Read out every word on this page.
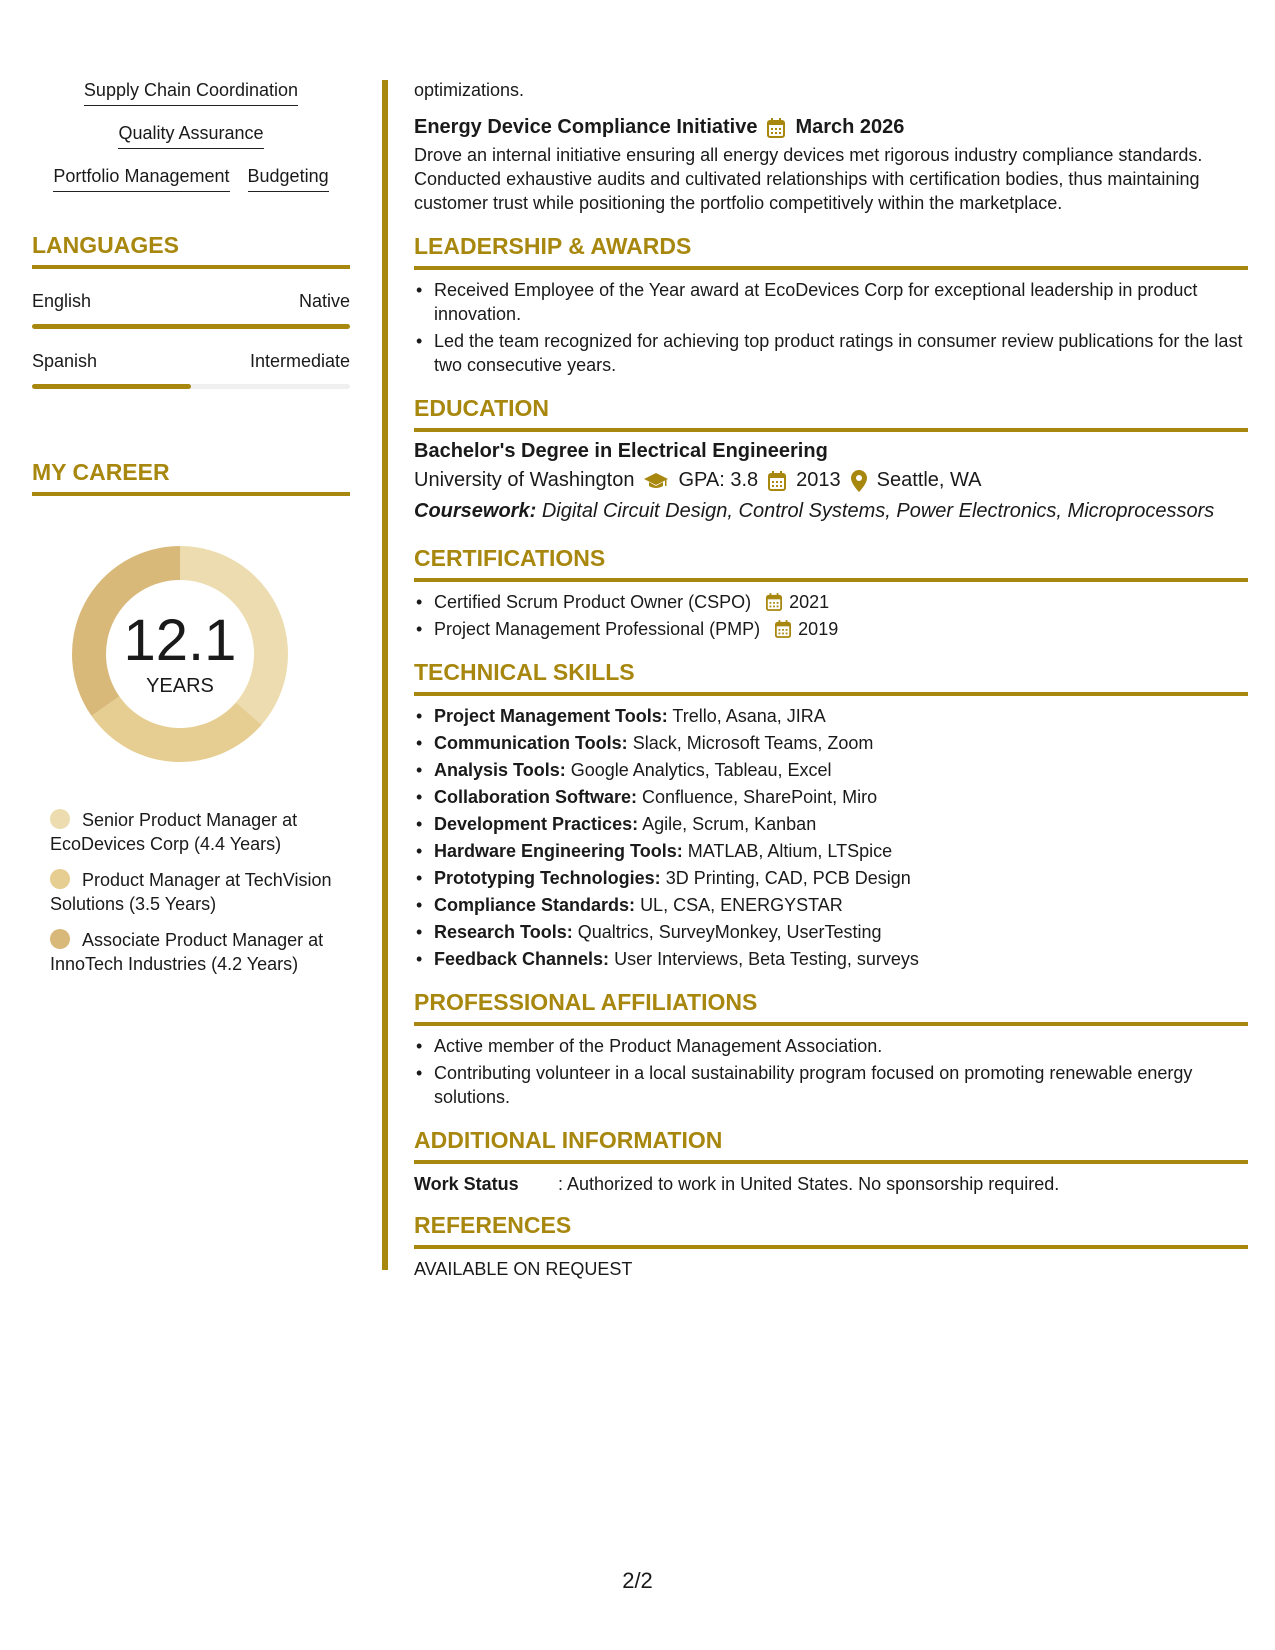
Supply Chain Coordination
Quality Assurance
Portfolio Management Budgeting
LANGUAGES
English	Native
Spanish	Intermediate
MY CAREER
12.1
YEARS
Senior Product Manager at EcoDevices Corp (4.4 Years)
Product Manager at TechVision Solutions (3.5 Years)
Associate Product Manager at InnoTech Industries (4.2 Years)
optimizations.
Energy Device Compliance Initiative March 2026
Drove an internal initiative ensuring all energy devices met rigorous industry compliance standards. Conducted exhaustive audits and cultivated relationships with certification bodies, thus maintaining customer trust while positioning the portfolio competitively within the marketplace.
LEADERSHIP & AWARDS
• Received Employee of the Year award at EcoDevices Corp for exceptional leadership in product innovation.
• Led the team recognized for achieving top product ratings in consumer review publications for the last two consecutive years.
EDUCATION
Bachelor's Degree in Electrical Engineering
University of Washington GPA: 3.8 2013 Seattle, WA
Coursework: Digital Circuit Design, Control Systems, Power Electronics, Microprocessors
CERTIFICATIONS
• Certified Scrum Product Owner (CSPO) 2021
• Project Management Professional (PMP) 2019
TECHNICAL SKILLS
• Project Management Tools: Trello, Asana, JIRA
• Communication Tools: Slack, Microsoft Teams, Zoom
• Analysis Tools: Google Analytics, Tableau, Excel
• Collaboration Software: Confluence, SharePoint, Miro
• Development Practices: Agile, Scrum, Kanban
• Hardware Engineering Tools: MATLAB, Altium, LTSpice
• Prototyping Technologies: 3D Printing, CAD, PCB Design
• Compliance Standards: UL, CSA, ENERGYSTAR
• Research Tools: Qualtrics, SurveyMonkey, UserTesting
• Feedback Channels: User Interviews, Beta Testing, surveys
PROFESSIONAL AFFILIATIONS
• Active member of the Product Management Association.
• Contributing volunteer in a local sustainability program focused on promoting renewable energy solutions.
ADDITIONAL INFORMATION
Work Status	: Authorized to work in United States. No sponsorship required.
REFERENCES
AVAILABLE ON REQUEST
2/2
